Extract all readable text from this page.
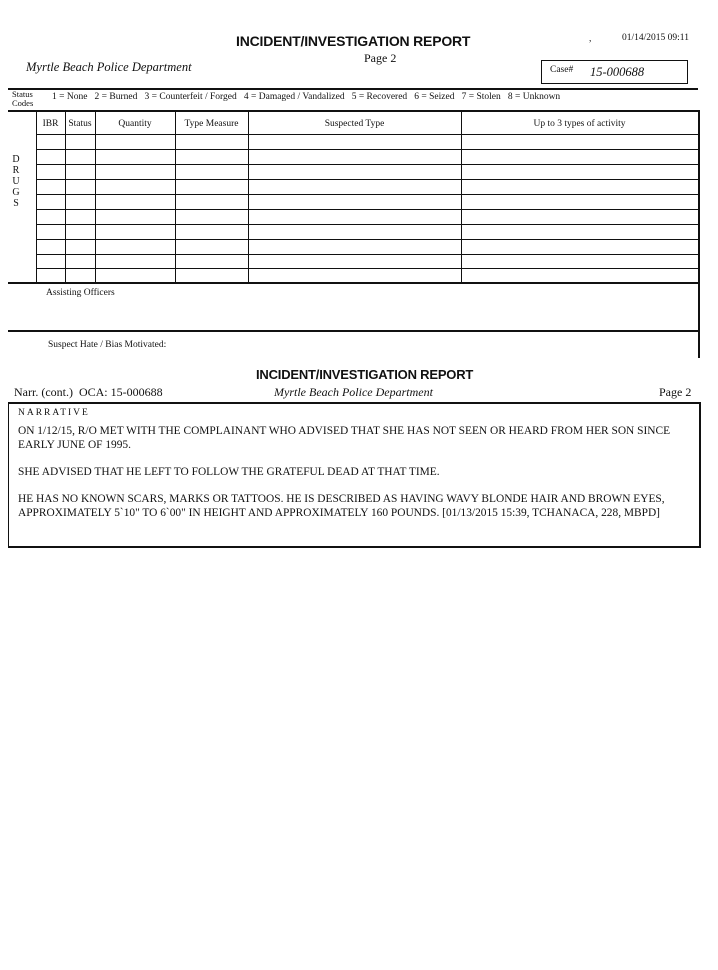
,	01/14/2015 09:11
INCIDENT/INVESTIGATION REPORT
Page 2
Myrtle Beach Police Department	Case# 15-000688
Status Codes
1 = None   2 = Burned   3 = Counterfeit / Forged   4 = Damaged / Vandalized   5 = Recovered   6 = Seized   7 = Stolen   8 = Unknown
IBR	Status	Quantity	Type Measure	Suspected Type	Up to 3 types of activity
D R U G S
Assisting Officers
Suspect Hate / Bias Motivated:
INCIDENT/INVESTIGATION REPORT
Narr. (cont.)  OCA: 15-000688	Myrtle Beach Police Department	Page 2
NARRATIVE

ON 1/12/15, R/O MET WITH THE COMPLAINANT WHO ADVISED THAT SHE HAS NOT SEEN OR HEARD FROM HER SON SINCE EARLY JUNE OF 1995.

SHE ADVISED THAT HE LEFT TO FOLLOW THE GRATEFUL DEAD AT THAT TIME.

HE HAS NO KNOWN SCARS, MARKS OR TATTOOS. HE IS DESCRIBED AS HAVING WAVY BLONDE HAIR AND BROWN EYES, APPROXIMATELY 5`10" TO 6`00" IN HEIGHT AND APPROXIMATELY 160 POUNDS. [01/13/2015 15:39, TCHANACA, 228, MBPD]
